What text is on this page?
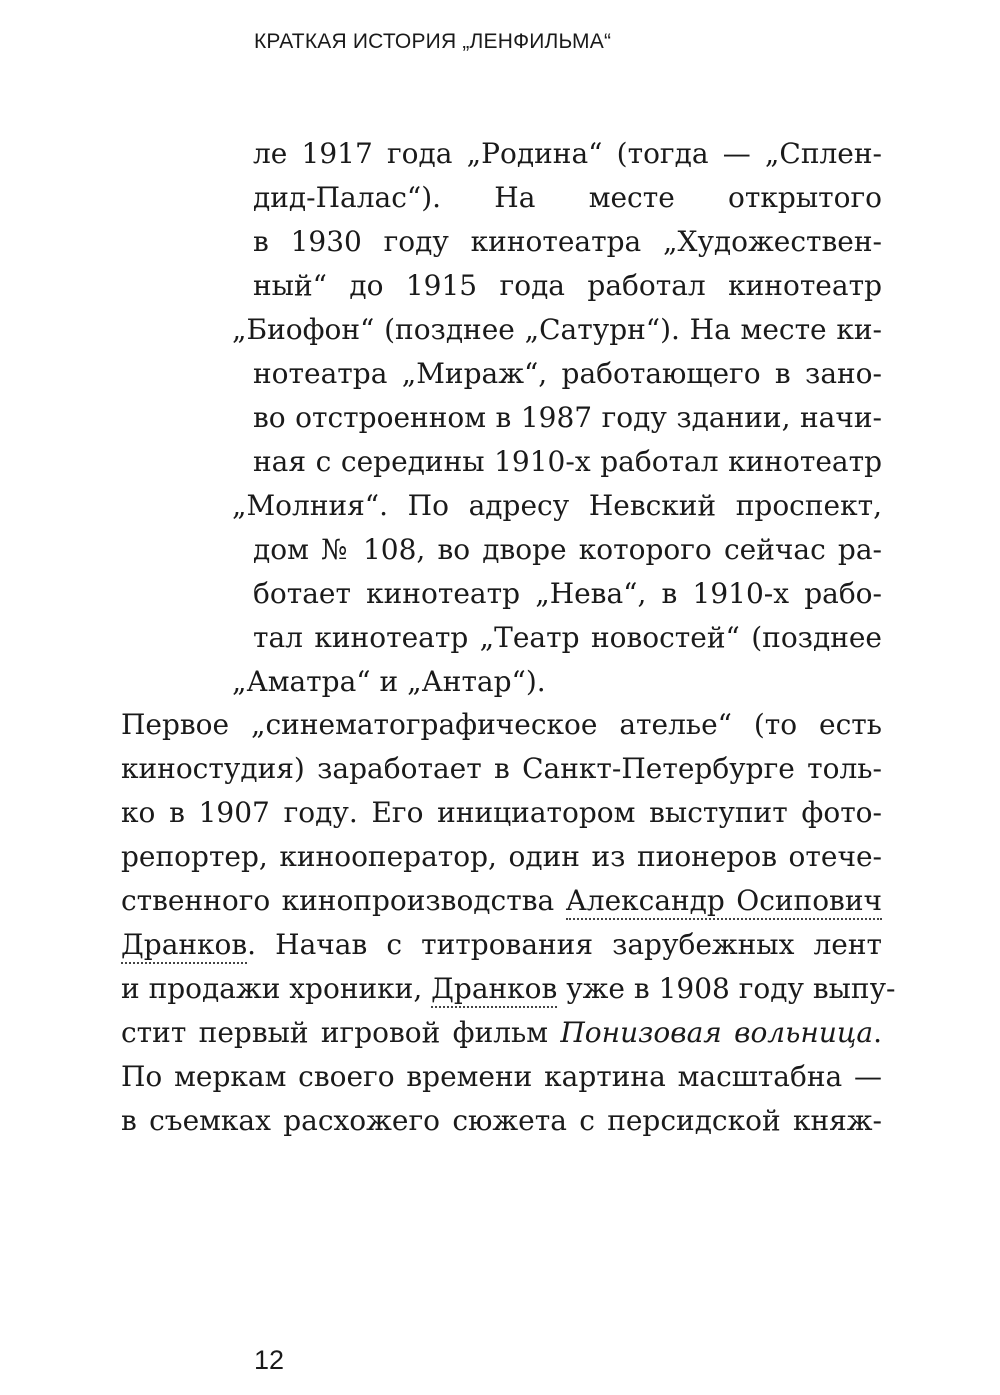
КРАТКАЯ ИСТОРИЯ „ЛЕНФИЛЬМА“
ле 1917 года „Родина“ (тогда — „Сплен-
дид-Палас“). На месте открытого
в 1930 году кинотеатра „Художествен-
ный“ до 1915 года работал кинотеатр
„Биофон“ (позднее „Сатурн“). На месте ки-
нотеатра „Мираж“, работающего в зано-
во отстроенном в 1987 году здании, начи-
ная с середины 1910-х работал кинотеатр
„Молния“. По адресу Невский проспект,
дом № 108, во дворе которого сейчас ра-
ботает кинотеатр „Нева“, в 1910-х рабо-
тал кинотеатр „Театр новостей“ (позднее
„Аматра“ и „Антар“).
Первое „синематографическое ателье“ (то есть
киностудия) заработает в Санкт-Петербурге толь-
ко в 1907 году. Его инициатором выступит фото-
репортер, кинооператор, один из пионеров отече-
ственного кинопроизводства Александр Осипович
Дранков. Начав с титрования зарубежных лент
и продажи хроники, Дранков уже в 1908 году выпу-
стит первый игровой фильм Понизовая вольница.
По меркам своего времени картина масштабна —
в съемках расхожего сюжета с персидской княж-
12
